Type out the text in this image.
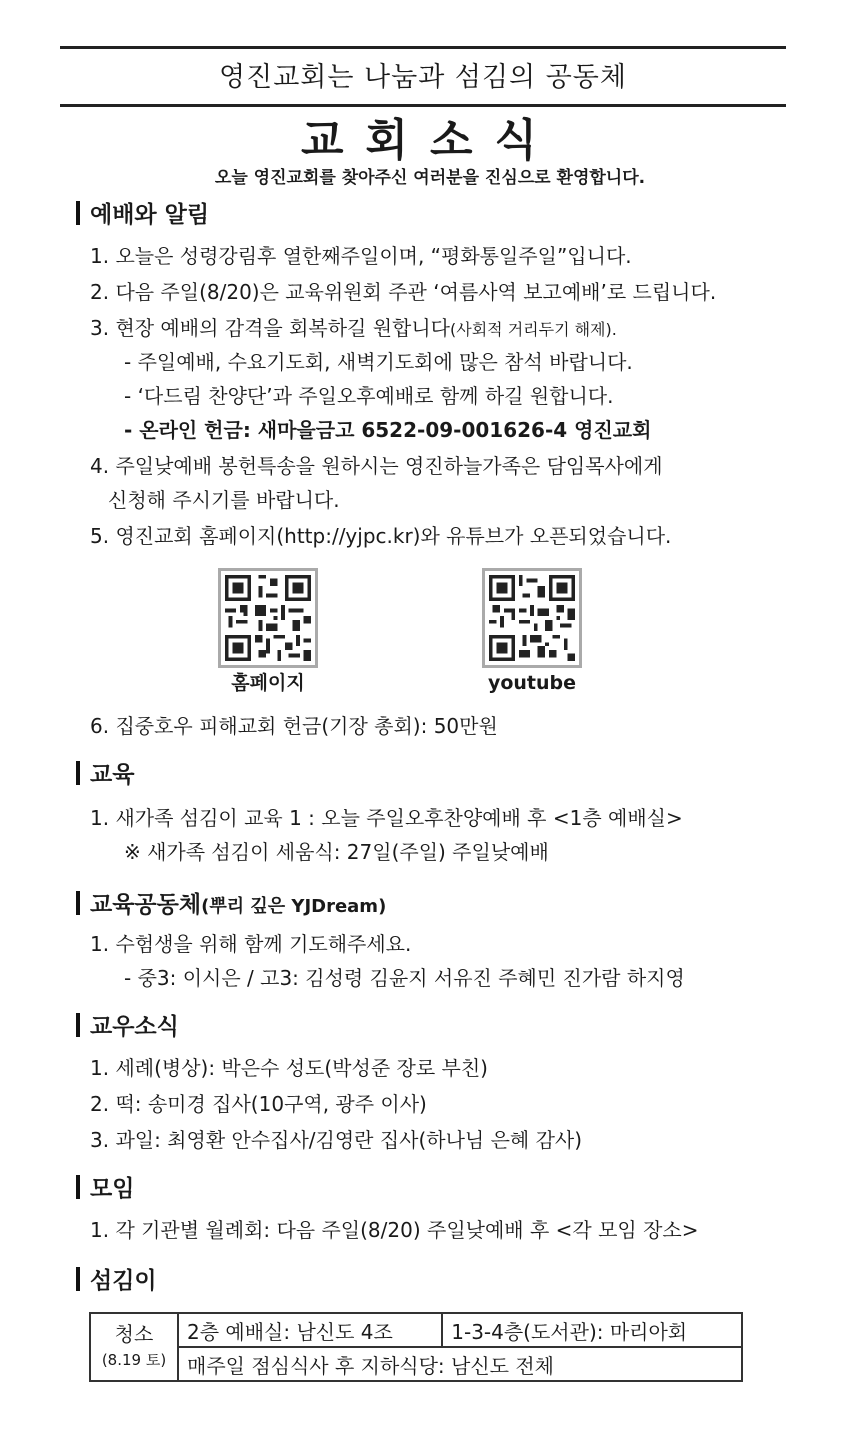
영진교회는 나눔과 섬김의 공동체
교회소식
오늘 영진교회를 찾아주신 여러분을 진심으로 환영합니다.
예배와 알림
1. 오늘은 성령강림후 열한째주일이며, “평화통일주일”입니다.
2. 다음 주일(8/20)은 교육위원회 주관 ‘여름사역 보고예배’로 드립니다.
3. 현장 예배의 감격을 회복하길 원합니다(사회적 거리두기 해제).
- 주일예배, 수요기도회, 새벽기도회에 많은 참석 바랍니다.
- ‘다드림 찬양단’과 주일오후예배로 함께 하길 원합니다.
- 온라인 헌금: 새마을금고 6522-09-001626-4 영진교회
4. 주일낮예배 봉헌특송을 원하시는 영진하늘가족은 담임목사에게
신청해 주시기를 바랍니다.
5. 영진교회 홈페이지(http://yjpc.kr)와 유튜브가 오픈되었습니다.
홈페이지	youtube
6. 집중호우 피해교회 헌금(기장 총회): 50만원
교육
1. 새가족 섬김이 교육 1 : 오늘 주일오후찬양예배 후 <1층 예배실>
※ 새가족 섬김이 세움식: 27일(주일) 주일낮예배
교육공동체(뿌리 깊은 YJDream)
1. 수험생을 위해 함께 기도해주세요.
- 중3: 이시은 / 고3: 김성령 김윤지 서유진 주혜민 진가람 하지영
교우소식
1. 세례(병상): 박은수 성도(박성준 장로 부친)
2. 떡: 송미경 집사(10구역, 광주 이사)
3. 과일: 최영환 안수집사/김영란 집사(하나님 은혜 감사)
모임
1. 각 기관별 월례회: 다음 주일(8/20) 주일낮예배 후 <각 모임 장소>
섬김이
청소
(8.19 토)
	2층 예배실: 남신도 4조	1-3-4층(도서관): 마리아회
매주일 점심식사 후 지하식당: 남신도 전체
